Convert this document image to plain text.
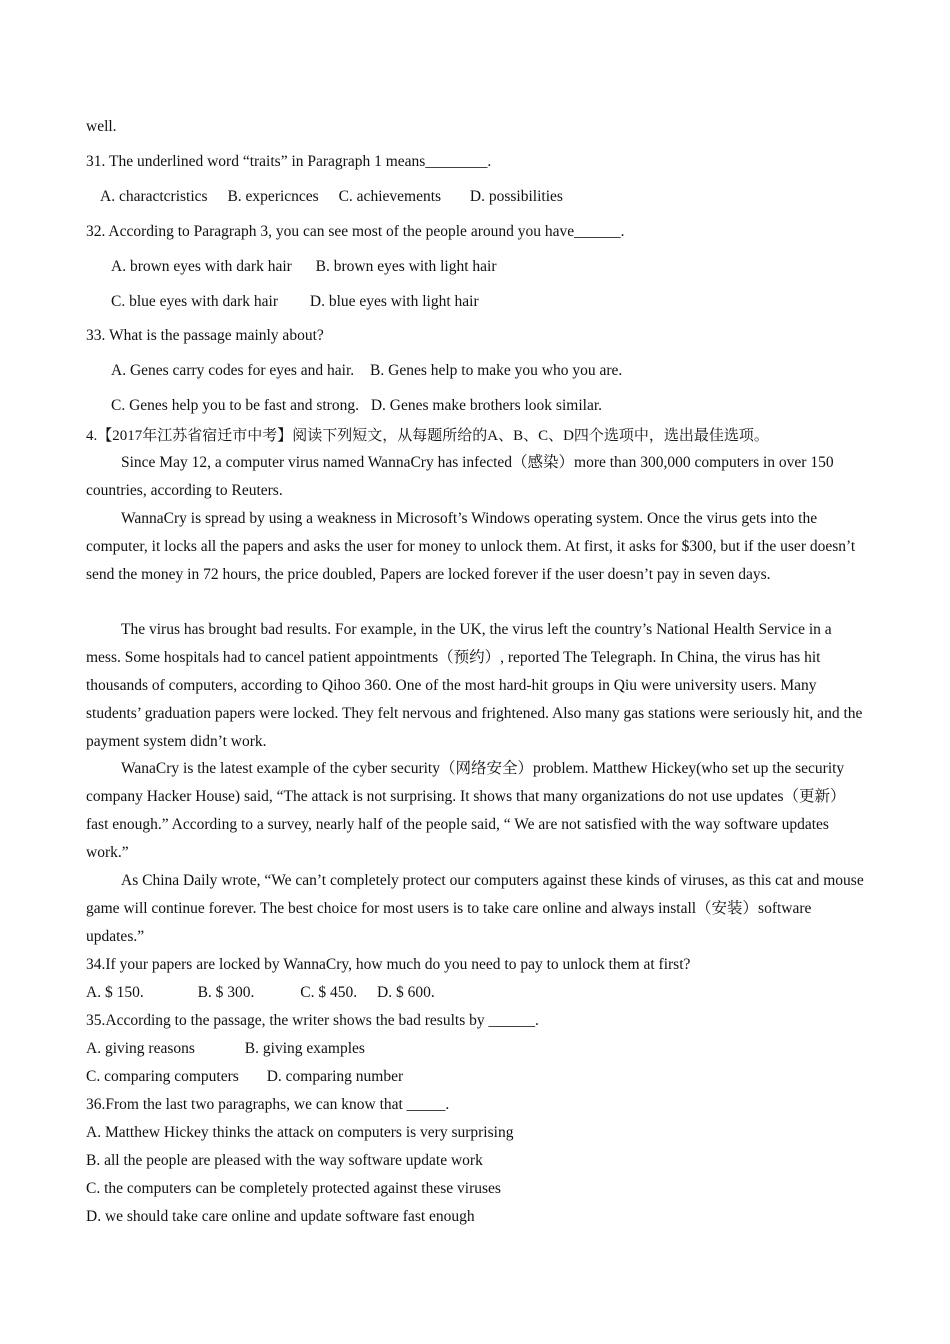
well.
31. The underlined word “traits” in Paragraph 1 means________.
A. charactcristics B. expericnces C. achievements D. possibilities
32. According to Paragraph 3, you can see most of the people around you have______.
A. brown eyes with dark hair B. brown eyes with light hair
C. blue eyes with dark hair D. blue eyes with light hair
33. What is the passage mainly about?
A. Genes carry codes for eyes and hair. B. Genes help to make you who you are.
C. Genes help you to be fast and strong. D. Genes make brothers look similar.
4.【2017年江苏省宿迁市中考】阅读下列短文，从每题所给的A、B、C、D四个选项中，选出最佳选项。
Since May 12, a computer virus named WannaCry has infected（感染）more than 300,000 computers in over 150 countries, according to Reuters.
WannaCry is spread by using a weakness in Microsoft’s Windows operating system. Once the virus gets into the computer, it locks all the papers and asks the user for money to unlock them. At first, it asks for $300, but if the user doesn’t send the money in 72 hours, the price doubled, Papers are locked forever if the user doesn’t pay in seven days.
The virus has brought bad results. For example, in the UK, the virus left the country’s National Health Service in a mess. Some hospitals had to cancel patient appointments（预约）, reported The Telegraph. In China, the virus has hit thousands of computers, according to Qihoo 360. One of the most hard-hit groups in Qiu were university users. Many students’ graduation papers were locked. They felt nervous and frightened. Also many gas stations were seriously hit, and the payment system didn’t work.
WanaCry is the latest example of the cyber security（网络安全）problem. Matthew Hickey(who set up the security company Hacker House) said, “The attack is not surprising. It shows that many organizations do not use updates（更新）fast enough.” According to a survey, nearly half of the people said, “ We are not satisfied with the way software updates work.”
As China Daily wrote, “We can’t completely protect our computers against these kinds of viruses, as this cat and mouse game will continue forever. The best choice for most users is to take care online and always install（安装）software updates.”
34.If your papers are locked by WannaCry, how much do you need to pay to unlock them at first?
A. $ 150.	B. $ 300.	C. $ 450. D. $ 600.
35.According to the passage, the writer shows the bad results by ______.
A. giving reasons	B. giving examples
C. comparing computers D. comparing number
36.From the last two paragraphs, we can know that _____.
A. Matthew Hickey thinks the attack on computers is very surprising
B. all the people are pleased with the way software update work
C. the computers can be completely protected against these viruses
D. we should take care online and update software fast enough
